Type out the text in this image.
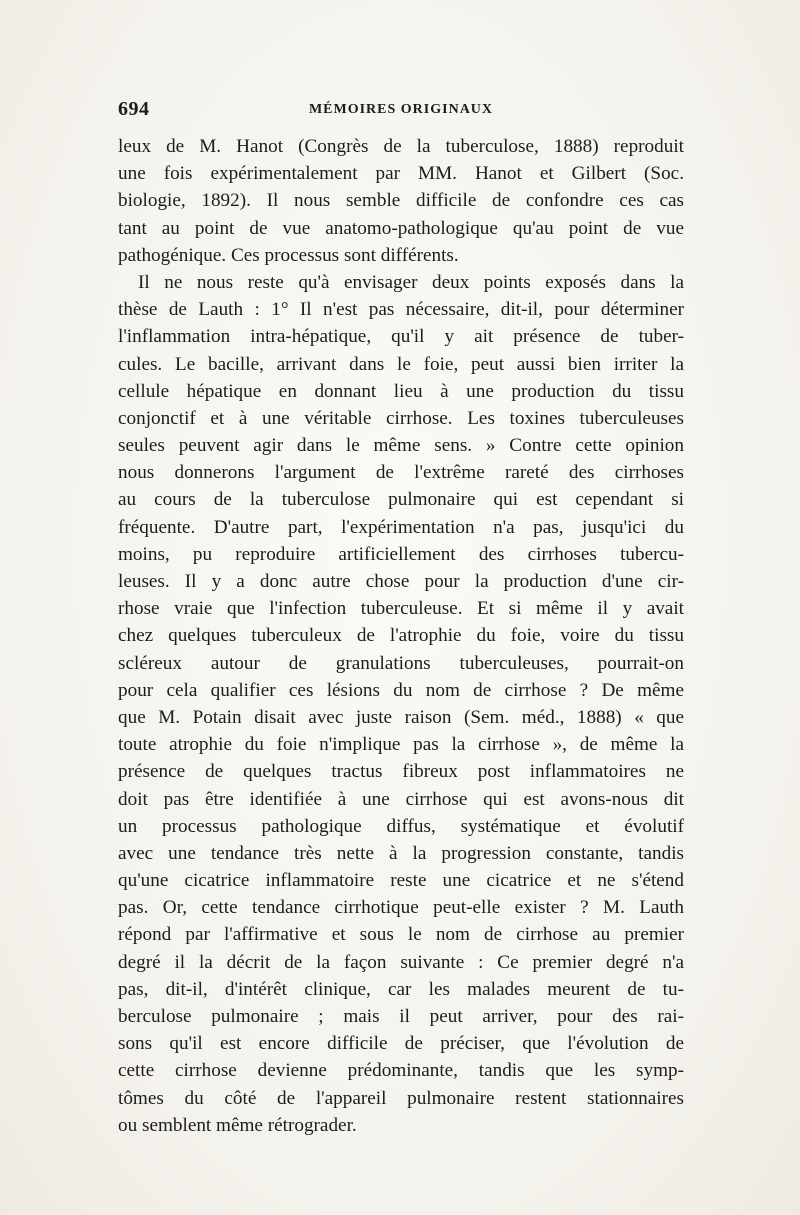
694	MÉMOIRES ORIGINAUX
leux de M. Hanot (Congrès de la tuberculose, 1888) reproduit
une fois expérimentalement par MM. Hanot et Gilbert (Soc.
biologie, 1892). Il nous semble difficile de confondre ces cas
tant au point de vue anatomo-pathologique qu'au point de vue
pathogénique. Ces processus sont différents.
Il ne nous reste qu'à envisager deux points exposés dans la
thèse de Lauth : 1° Il n'est pas nécessaire, dit-il, pour déterminer
l'inflammation intra-hépatique, qu'il y ait présence de tuber-
cules. Le bacille, arrivant dans le foie, peut aussi bien irriter la
cellule hépatique en donnant lieu à une production du tissu
conjonctif et à une véritable cirrhose. Les toxines tuberculeuses
seules peuvent agir dans le même sens. » Contre cette opinion
nous donnerons l'argument de l'extrême rareté des cirrhoses
au cours de la tuberculose pulmonaire qui est cependant si
fréquente. D'autre part, l'expérimentation n'a pas, jusqu'ici du
moins, pu reproduire artificiellement des cirrhoses tubercu-
leuses. Il y a donc autre chose pour la production d'une cir-
rhose vraie que l'infection tuberculeuse. Et si même il y avait
chez quelques tuberculeux de l'atrophie du foie, voire du tissu
scléreux autour de granulations tuberculeuses, pourrait-on
pour cela qualifier ces lésions du nom de cirrhose ? De même
que M. Potain disait avec juste raison (Sem. méd., 1888) « que
toute atrophie du foie n'implique pas la cirrhose », de même la
présence de quelques tractus fibreux post inflammatoires ne
doit pas être identifiée à une cirrhose qui est avons-nous dit
un processus pathologique diffus, systématique et évolutif
avec une tendance très nette à la progression constante, tandis
qu'une cicatrice inflammatoire reste une cicatrice et ne s'étend
pas. Or, cette tendance cirrhotique peut-elle exister ? M. Lauth
répond par l'affirmative et sous le nom de cirrhose au premier
degré il la décrit de la façon suivante : Ce premier degré n'a
pas, dit-il, d'intérêt clinique, car les malades meurent de tu-
berculose pulmonaire ; mais il peut arriver, pour des rai-
sons qu'il est encore difficile de préciser, que l'évolution de
cette cirrhose devienne prédominante, tandis que les symp-
tômes du côté de l'appareil pulmonaire restent stationnaires
ou semblent même rétrograder.
